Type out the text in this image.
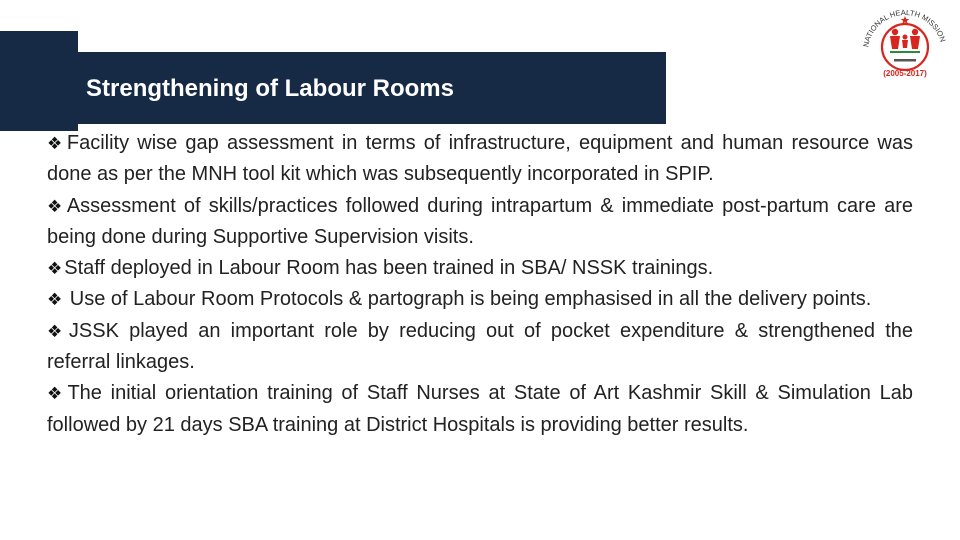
Strengthening of Labour Rooms
NATIONAL HEALTH MISSION
(2005-2017)

❖ Facility wise gap assessment in terms of infrastructure, equipment and human resource was done as per the MNH tool kit which was subsequently incorporated in SPIP.

❖ Assessment of skills/practices followed during intrapartum & immediate post-partum care are being done during Supportive Supervision visits.

❖ Staff deployed in Labour Room has been trained in SBA/ NSSK trainings.

❖ Use of Labour Room Protocols & partograph is being emphasised in all the delivery points.

❖ JSSK played an important role by reducing out of pocket expenditure & strengthened the referral linkages.

❖ The initial orientation training of Staff Nurses at State of Art Kashmir Skill & Simulation Lab followed by 21 days SBA training at District Hospitals is providing better results.
